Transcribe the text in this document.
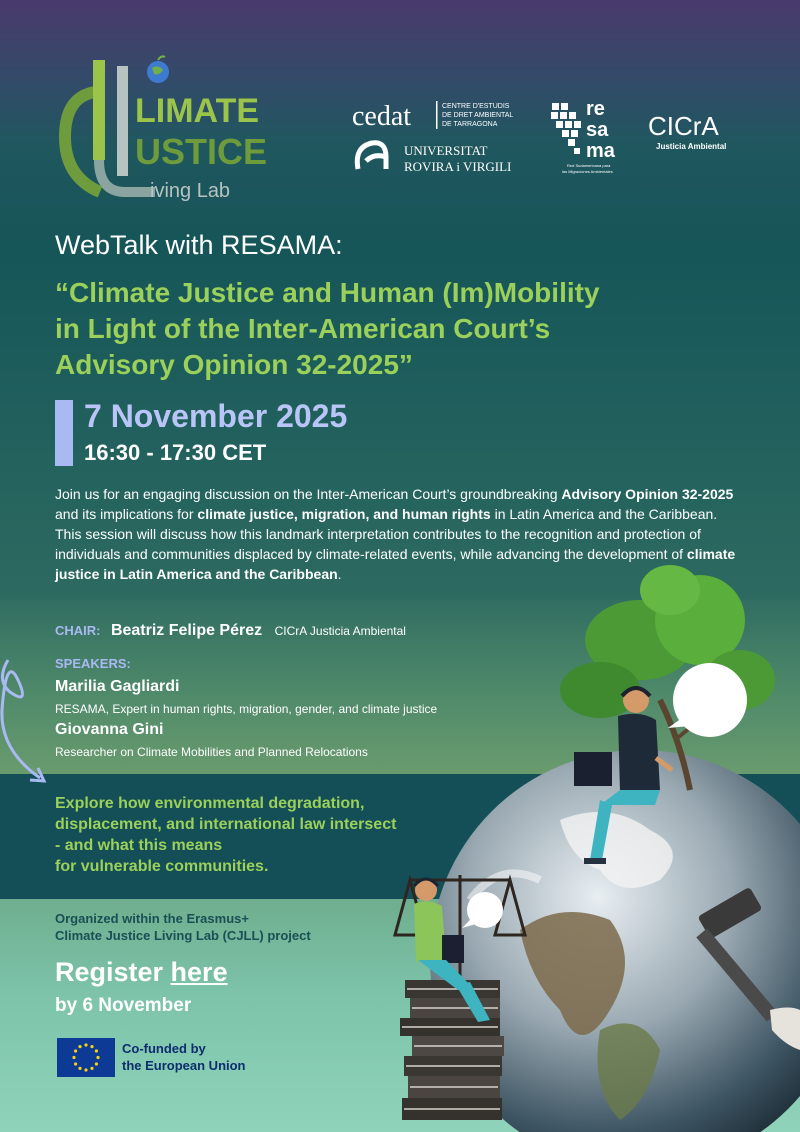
LIMATE
USTICE
iving Lab
cedat	CENTRE D'ESTUDIS
DE DRET AMBIENTAL
DE TARRAGONA
UNIVERSITAT
ROVIRA i VIRGILI
re
sa
ma
Red Sudamericana para
las Migraciones Ambientales
CICrA
Justicia Ambiental
WebTalk with RESAMA:
“Climate Justice and Human (Im)Mobility
in Light of the Inter-American Court’s
Advisory Opinion 32-2025”
7 November 2025
16:30 - 17:30 CET

Join us for an engaging discussion on the Inter-American Court’s groundbreaking Advisory Opinion 32-2025 and its implications for climate justice, migration, and human rights in Latin America and the Caribbean. This session will discuss how this landmark interpretation contributes to the recognition and protection of individuals and communities displaced by climate-related events, while advancing the development of climate justice in Latin America and the Caribbean.

CHAIR: Beatriz Felipe Pérez CICrA Justicia Ambiental
SPEAKERS:
Marilia Gagliardi
RESAMA, Expert in human rights, migration, gender, and climate justice
Giovanna Gini
Researcher on Climate Mobilities and Planned Relocations

Explore how environmental degradation,
displacement, and international law intersect
- and what this means
for vulnerable communities.

Organized within the Erasmus+
Climate Justice Living Lab (CJLL) project

Register here
by 6 November
Co-funded by
the European Union
